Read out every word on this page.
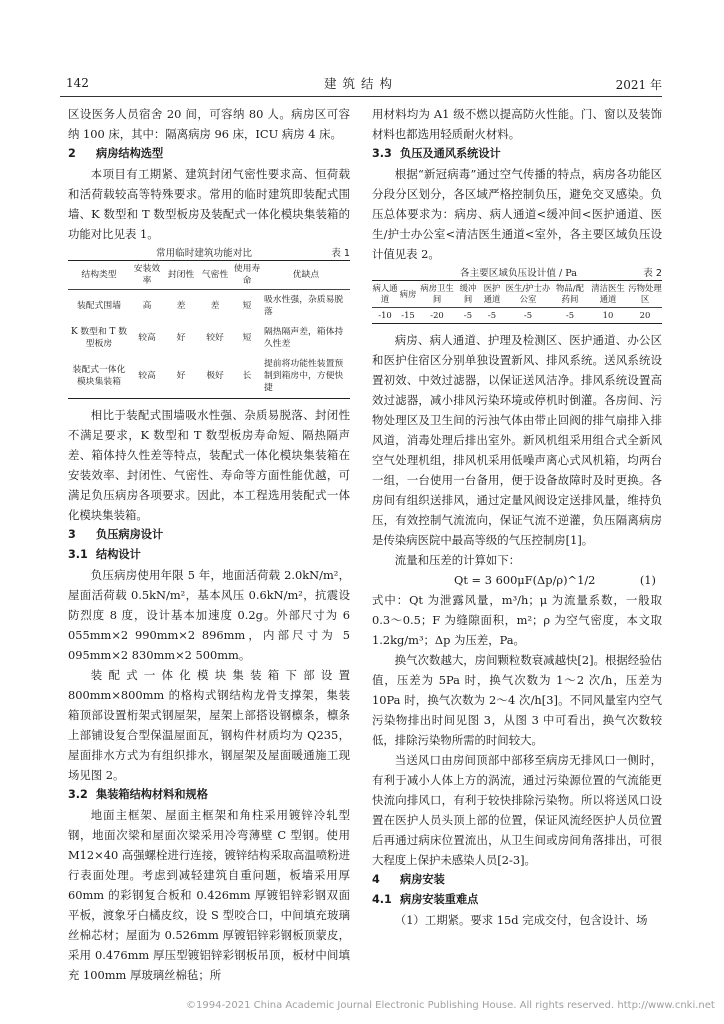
142	建筑结构	2021 年

区设医务人员宿舍 20 间，可容纳 80 人。病房区可容纳 100 床，其中：隔离病房 96 床，ICU 病房 4 床。

2 病房结构选型

本项目有工期紧、建筑封闭气密性要求高、恒荷载和活荷载较高等特殊要求。常用的临时建筑即装配式围墙、K 数型和 T 数型板房及装配式一体化模块集装箱的功能对比见表 1。

常用临时建筑功能对比	表 1
结构类型	安装效率	封闭性	气密性	使用寿命	优缺点
装配式围墙	高	差	差	短	吸水性强，杂质易脱落
K 数型和 T 数型板房	较高	好	较好	短	隔热隔声差，箱体持久性差
装配式一体化模块集装箱	较高	好	极好	长	提前将功能性装置预制到箱房中，方便快捷

相比于装配式围墙吸水性强、杂质易脱落、封闭性不满足要求，K 数型和 T 数型板房寿命短、隔热隔声差、箱体持久性差等特点，装配式一体化模块集装箱在安装效率、封闭性、气密性、寿命等方面性能优越，可满足负压病房各项要求。因此，本工程选用装配式一体化模块集装箱。

3 负压病房设计

3.1 结构设计

负压病房使用年限 5 年，地面活荷载 2.0kN/m²，屋面活荷载 0.5kN/m²，基本风压 0.6kN/m²，抗震设防烈度 8 度，设计基本加速度 0.2g。外部尺寸为 6 055mm×2 990mm×2 896mm，内部尺寸为 5 095mm×2 830mm×2 500mm。

装配式一体化模块集装箱下部设置 800mm×800mm 的格构式钢结构龙骨支撑架，集装箱顶部设置桁架式钢屋架，屋架上部搭设钢檩条，檩条上部铺设复合型保温屋面瓦，钢构件材质均为 Q235，屋面排水方式为有组织排水，钢屋架及屋面暖通施工现场见图 2。

3.2 集装箱结构材料和规格

地面主框架、屋面主框架和角柱采用镀锌冷轧型钢，地面次梁和屋面次梁采用冷弯薄壁 C 型钢。使用 M12×40 高强螺栓进行连接，镀锌结构采取高温喷粉进行表面处理。考虑到减轻建筑自重问题，板墙采用厚 60mm 的彩钢复合板和 0.426mm 厚镀铝锌彩钢双面平板，渡象牙白橘皮纹，设 S 型咬合口，中间填充玻璃丝棉芯材；屋面为 0.526mm 厚镀铝锌彩钢板顶蒙皮，采用 0.476mm 厚压型镀铝锌彩钢板吊顶，板材中间填充 100mm 厚玻璃丝棉毡；所

用材料均为 A1 级不燃以提高防火性能。门、窗以及装饰材料也都选用轻质耐火材料。

3.3 负压及通风系统设计

根据“新冠病毒”通过空气传播的特点，病房各功能区分段分区划分，各区域严格控制负压，避免交叉感染。负压总体要求为：病房、病人通道<缓冲间<医护通道、医生/护士办公室<清洁医生通道<室外，各主要区域负压设计值见表 2。

各主要区域负压设计值 / Pa	表 2
病人通道	病房	病房卫生间	缓冲间	医护通道	医生/护士办公室	物品/配药间	清洁医生通道	污物处理区
-10	-15	-20	-5	-5	-5	-5	10	20

病房、病人通道、护理及检测区、医护通道、办公区和医护住宿区分别单独设置新风、排风系统。送风系统设置初效、中效过滤器，以保证送风洁净。排风系统设置高效过滤器，减小排风污染环境或停机时倒灌。各房间、污物处理区及卫生间的污浊气体由带止回阀的排气扇排入排风道，消毒处理后排出室外。新风机组采用组合式全新风空气处理机组，排风机采用低噪声离心式风机箱，均两台一组，一台使用一台备用，便于设备故障时及时更换。各房间有组织送排风，通过定量风阀设定送排风量，维持负压，有效控制气流流向，保证气流不逆灌，负压隔离病房是传染病医院中最高等级的气压控制房[1]。

流量和压差的计算如下：

Qt = 3 600μF(Δp/ρ)^1/2	(1)

式中：Qt 为泄露风量，m³/h；μ 为流量系数，一般取 0.3～0.5；F 为缝隙面积，m²；ρ 为空气密度，本文取 1.2kg/m³；Δp 为压差，Pa。

换气次数越大，房间颗粒数衰减越快[2]。根据经验估值，压差为 5Pa 时，换气次数为 1～2 次/h，压差为 10Pa 时，换气次数为 2～4 次/h[3]。不同风量室内空气污染物排出时间见图 3，从图 3 中可看出，换气次数较低，排除污染物所需的时间较大。

当送风口由房间顶部中部移至病房无排风口一侧时，有利于减小人体上方的涡流，通过污染源位置的气流能更快流向排风口，有利于较快排除污染物。所以将送风口设置在医护人员头顶上部的位置，保证风流经医护人员位置后再通过病床位置流出，从卫生间或房间角落排出，可很大程度上保护未感染人员[2-3]。

4 病房安装

4.1 病房安装重难点

（1）工期紧。要求 15d 完成交付，包含设计、场

©1994-2021 China Academic Journal Electronic Publishing House. All rights reserved. http://www.cnki.net
